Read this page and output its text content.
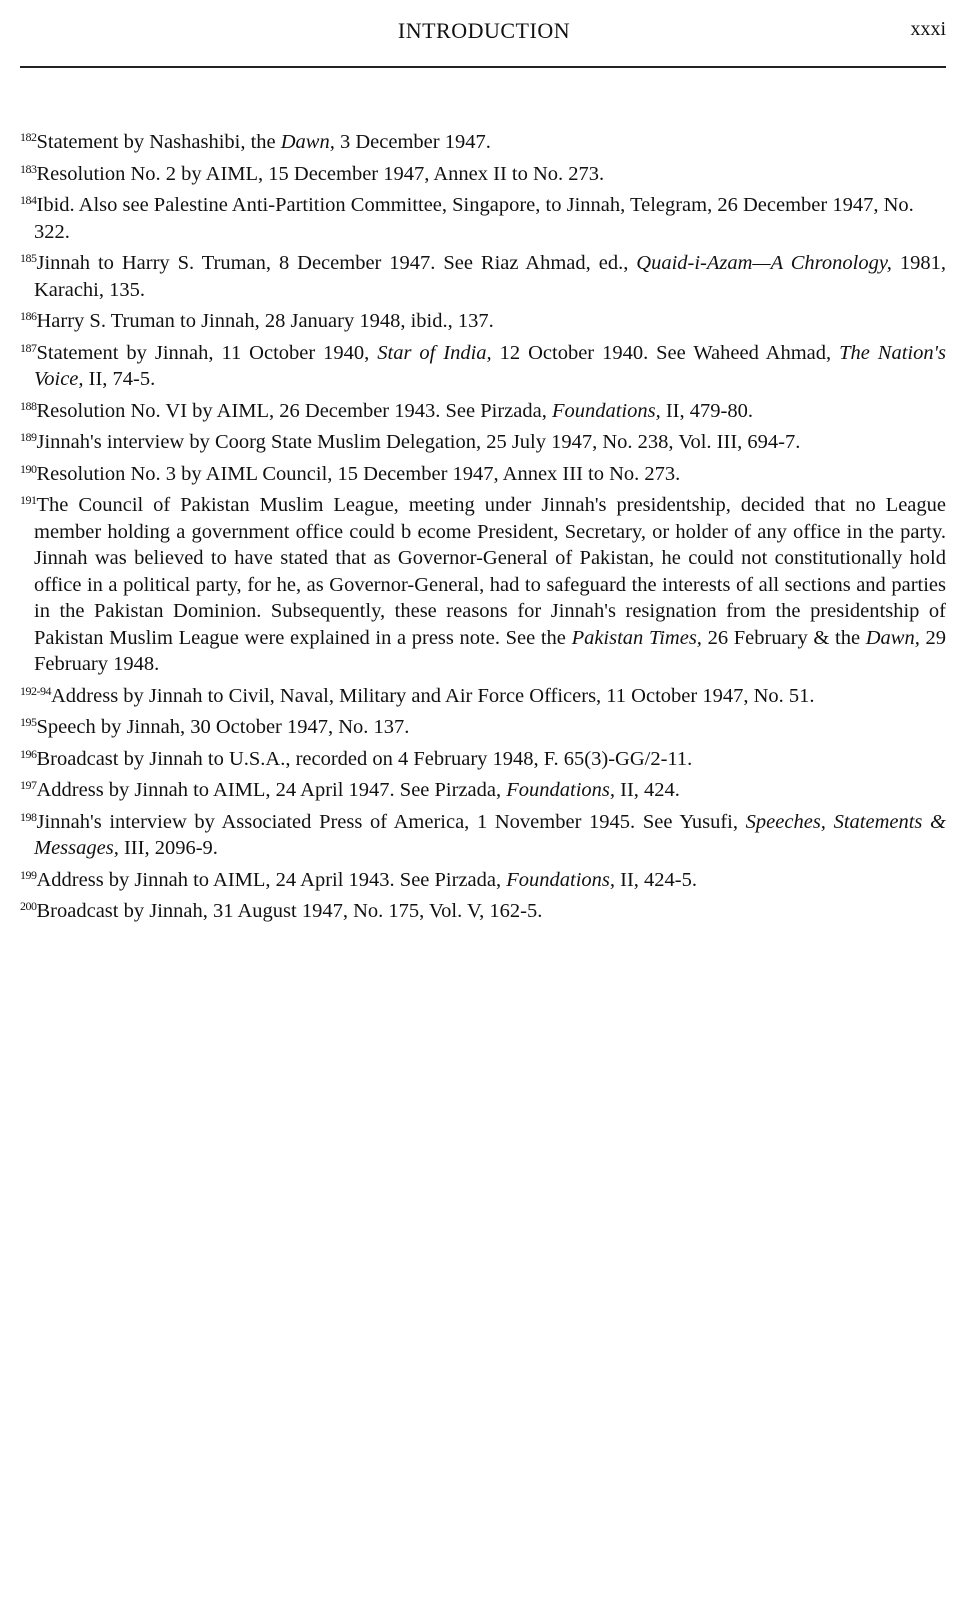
INTRODUCTION	xxxi

$^{182}$Statement by Nashashibi, the Dawn, 3 December 1947.

$^{183}$Resolution No. 2 by AIML, 15 December 1947, Annex II to No. 273.

$^{184}$Ibid. Also see Palestine Anti-Partition Committee, Singapore, to Jinnah, Telegram, 26 December 1947, No. 322.

$^{185}$Jinnah to Harry S. Truman, 8 December 1947. See Riaz Ahmad, ed., Quaid-i-Azam—A Chronology, 1981, Karachi, 135.

$^{186}$Harry S. Truman to Jinnah, 28 January 1948, ibid., 137.

$^{187}$Statement by Jinnah, 11 October 1940, Star of India, 12 October 1940. See Waheed Ahmad, The Nation's Voice, II, 74-5.

$^{188}$Resolution No. VI by AIML, 26 December 1943. See Pirzada, Foundations, II, 479-80.

$^{189}$Jinnah's interview by Coorg State Muslim Delegation, 25 July 1947, No. 238, Vol. III, 694-7.

$^{190}$Resolution No. 3 by AIML Council, 15 December 1947, Annex III to No. 273.

$^{191}$The Council of Pakistan Muslim League, meeting under Jinnah's presidentship, decided that no League member holding a government office could b ecome President, Secretary, or holder of any office in the party. Jinnah was believed to have stated that as Governor-General of Pakistan, he could not constitutionally hold office in a political party, for he, as Governor-General, had to safeguard the interests of all sections and parties in the Pakistan Dominion. Subsequently, these reasons for Jinnah's resignation from the presidentship of Pakistan Muslim League were explained in a press note. See the Pakistan Times, 26 February & the Dawn, 29 February 1948.

$^{192-94}$Address by Jinnah to Civil, Naval, Military and Air Force Officers, 11 October 1947, No. 51.

$^{195}$Speech by Jinnah, 30 October 1947, No. 137.

$^{196}$Broadcast by Jinnah to U.S.A., recorded on 4 February 1948, F. 65(3)-GG/2-11.

$^{197}$Address by Jinnah to AIML, 24 April 1947. See Pirzada, Foundations, II, 424.

$^{198}$Jinnah's interview by Associated Press of America, 1 November 1945. See Yusufi, Speeches, Statements & Messages, III, 2096-9.

$^{199}$Address by Jinnah to AIML, 24 April 1943. See Pirzada, Foundations, II, 424-5.

$^{200}$Broadcast by Jinnah, 31 August 1947, No. 175, Vol. V, 162-5.
